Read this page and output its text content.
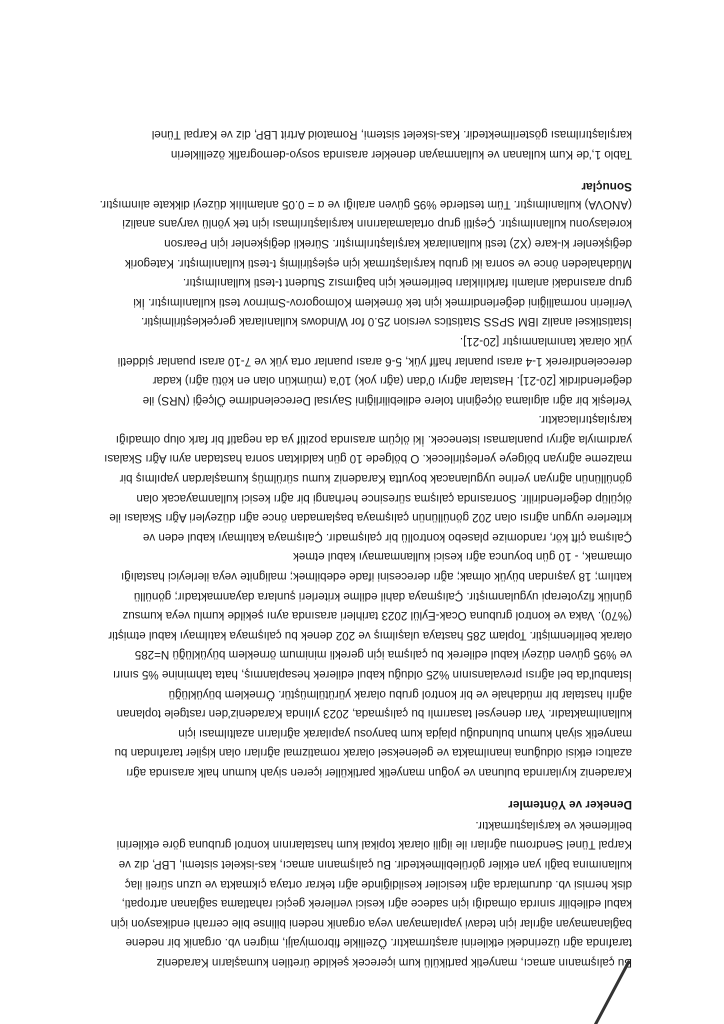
Bu çalışmanın amacı, manyetik partikülü kum içerecek şekilde üretilen kumaşların Karadeniz
tarafında ağrı üzerindeki etkilerini araştırmaktır. Özellikle fibromiyalji, migren vb. organik bir nedene
bağlanamayan ağrılar için tedavi yapılamayan veya organik nedeni bilinse bile cerrahi endikasyon için
kabul edilebilir sınırda olmadığı için sadece ağrı kesici verilerek geçici rahatlama sağlanan artropati,
disk hernisi vb. durumlarda ağrı kesiciler kesildiğinde ağrı tekrar ortaya çıkmakta ve uzun süreli ilaç
kullanımına bağlı yan etkiler görülebilmektedir. Bu çalışmanın amacı, kas-iskelet sistemi, LBP, diz ve
Karpal Tünel Sendromu ağrıları ile ilgili olarak topikal kum hastalarının kontrol grubuna göre etkilerini
belirlemek ve karşılaştırmaktır.
Deneker ve Yöntemler
Karadeniz kıyılarında bulunan ve yoğun manyetik partiküller içeren siyah kumun halk arasında ağrı
azaltıcı etkisi olduğuna inanılmakta ve geleneksel olarak romatizmal ağrıları olan kişiler tarafından bu
manyetik siyah kumun bulunduğu plajda kum banyosu yapılarak ağrıların azaltılması için
kullanılmaktadır. Yarı deneysel tasarımlı bu çalışmada, 2023 yılında Karadeniz'den rastgele toplanan
ağrılı hastalar bir müdahale ve bir kontrol grubu olarak yürütülmüştür. Örneklem büyüklüğü
İstanbul'da bel ağrısı prevalansının %25 olduğu kabul edilerek hesaplanmış, hata tahminine %5 sınırı
ve %95 güven düzeyi kabul edilerek bu çalışma için gerekli minimum örneklem büyüklüğü N=285
olarak belirlenmiştir. Toplam 285 hastaya ulaşılmış ve 202 denek bu çalışmaya katılmayı kabul etmiştir
(%70). Vaka ve kontrol grubuna Ocak-Eylül 2023 tarihleri arasında aynı şekilde kumlu veya kumsuz
günlük fizyoterapi uygulanmıştır. Çalışmaya dahil edilme kriterleri şunlara dayanmaktadır; gönüllü
katılım; 18 yaşından büyük olmak; ağrı derecesini ifade edebilmek; malignite veya ilerleyici hastalığı
olmamak, - 10 gün boyunca ağrı kesici kullanmamayı kabul etmek
Çalışma çift kör, randomize plasebo kontrollü bir çalışmadır. Çalışmaya katılmayı kabul eden ve
kriterlere uygun ağrısı olan 202 gönüllünün çalışmaya başlamadan önce ağrı düzeyleri Ağrı Skalası ile
ölçülüp değerlendirilir. Sonrasında çalışma süresince herhangi bir ağrı kesici kullanmayacak olan
gönüllünün ağrıyan yerine uygulanacak boyutta Karadeniz kumu sürülmüş kumaşlardan yapılmış bir
malzeme ağrıyan bölgeye yerleştirilecek. O bölgede 10 gün kaldıktan sonra hastadan aynı Ağrı Skalası
yardımıyla ağrıyı puanlaması istenecek. İki ölçüm arasında pozitif ya da negatif bir fark olup olmadığı
karşılaştırılacaktır.
Yerleşik bir ağrı algılama ölçeğinin tolere edilebilirliğini Sayısal Derecelendirme Ölçeği (NRS) ile
değerlendirdik [20-21]. Hastalar ağrıyı 0'dan (ağrı yok) 10'a (mümkün olan en kötü ağrı) kadar
derecelendirerek 1-4 arası puanlar hafif yük, 5-6 arası puanlar orta yük ve 7-10 arası puanlar şiddetli
yük olarak tanımlanmıştır [20-21].
İstatistiksel analiz IBM SPSS Statistics version 25.0 for Windows kullanılarak gerçekleştirilmiştir.
Verilerin normalliğini değerlendirmek için tek örneklem Kolmogorov-Smirnov testi kullanılmıştır. İki
grup arasındaki anlamlı farklılıkları belirlemek için bağımsız Student t-testi kullanılmıştır.
Müdahaleden önce ve sonra iki grubu karşılaştırmak için eşleştirilmiş t-testi kullanılmıştır. Kategorik
değişkenler ki-kare (X2) testi kullanılarak karşılaştırılmıştır. Sürekli değişkenler için Pearson
korelasyonu kullanılmıştır. Çeşitli grup ortalamalarının karşılaştırılması için tek yönlü varyans analizi
(ANOVA) kullanılmıştır. Tüm testlerde %95 güven aralığı ve α = 0.05 anlamlılık düzeyi dikkate alınmıştır.
Sonuçlar
Tablo 1,'de Kum kullanan ve kullanmayan denekler arasında sosyo-demografik özelliklerin
karşılaştırılması gösterilmektedir. Kas-iskelet sistemi, Romatoid Artrit LBP, diz ve Karpal Tünel
